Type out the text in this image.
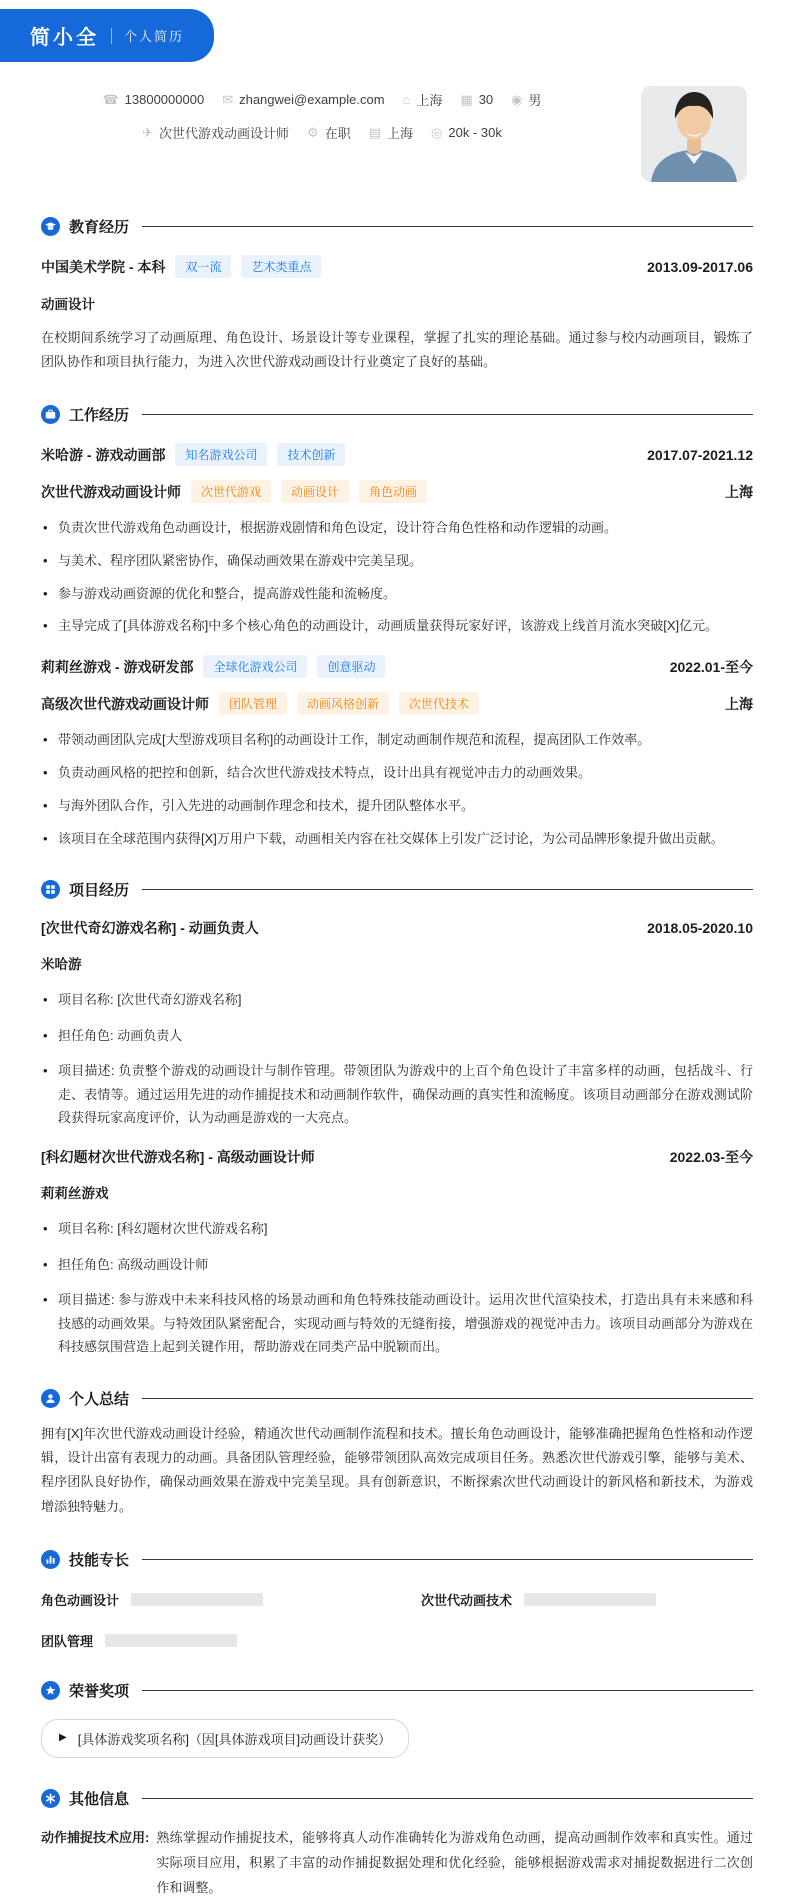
简小全 个人简历
☎ 13800000000 ✉ zhangwei@example.com ⌂ 上海 ▦ 30 ◉ 男
✈ 次世代游戏动画设计师 ⚙ 在职 ▤ 上海 ◎ 20k - 30k
教育经历
中国美术学院 - 本科	双一流	艺术类重点	2013.09-2017.06
动画设计

在校期间系统学习了动画原理、角色设计、场景设计等专业课程，掌握了扎实的理论基础。通过参与校内动画项目，锻炼了团队协作和项目执行能力，为进入次世代游戏动画设计行业奠定了良好的基础。

工作经历
米哈游 - 游戏动画部	知名游戏公司	技术创新	2017.07-2021.12
次世代游戏动画设计师	次世代游戏	动画设计	角色动画	上海
• 负责次世代游戏角色动画设计，根据游戏剧情和角色设定，设计符合角色性格和动作逻辑的动画。
• 与美术、程序团队紧密协作，确保动画效果在游戏中完美呈现。
• 参与游戏动画资源的优化和整合，提高游戏性能和流畅度。
• 主导完成了[具体游戏名称]中多个核心角色的动画设计，动画质量获得玩家好评，该游戏上线首月流水突破[X]亿元。
莉莉丝游戏 - 游戏研发部	全球化游戏公司	创意驱动	2022.01-至今
高级次世代游戏动画设计师	团队管理	动画风格创新	次世代技术	上海
• 带领动画团队完成[大型游戏项目名称]的动画设计工作，制定动画制作规范和流程，提高团队工作效率。
• 负责动画风格的把控和创新，结合次世代游戏技术特点，设计出具有视觉冲击力的动画效果。
• 与海外团队合作，引入先进的动画制作理念和技术，提升团队整体水平。
• 该项目在全球范围内获得[X]万用户下载，动画相关内容在社交媒体上引发广泛讨论，为公司品牌形象提升做出贡献。
项目经历
[次世代奇幻游戏名称] - 动画负责人	2018.05-2020.10
米哈游
• 项目名称: [次世代奇幻游戏名称]
• 担任角色: 动画负责人
• 项目描述: 负责整个游戏的动画设计与制作管理。带领团队为游戏中的上百个角色设计了丰富多样的动画，包括战斗、行走、表情等。通过运用先进的动作捕捉技术和动画制作软件，确保动画的真实性和流畅度。该项目动画部分在游戏测试阶段获得玩家高度评价，认为动画是游戏的一大亮点。
[科幻题材次世代游戏名称] - 高级动画设计师	2022.03-至今
莉莉丝游戏
• 项目名称: [科幻题材次世代游戏名称]
• 担任角色: 高级动画设计师
• 项目描述: 参与游戏中未来科技风格的场景动画和角色特殊技能动画设计。运用次世代渲染技术，打造出具有未来感和科技感的动画效果。与特效团队紧密配合，实现动画与特效的无缝衔接，增强游戏的视觉冲击力。该项目动画部分为游戏在科技感氛围营造上起到关键作用，帮助游戏在同类产品中脱颖而出。
个人总结

拥有[X]年次世代游戏动画设计经验，精通次世代动画制作流程和技术。擅长角色动画设计，能够准确把握角色性格和动作逻辑，设计出富有表现力的动画。具备团队管理经验，能够带领团队高效完成项目任务。熟悉次世代游戏引擎，能够与美术、程序团队良好协作，确保动画效果在游戏中完美呈现。具有创新意识，不断探索次世代动画设计的新风格和新技术，为游戏增添独特魅力。

技能专长
角色动画设计	次世代动画技术
团队管理
荣誉奖项
▶ [具体游戏奖项名称]（因[具体游戏项目]动画设计获奖）
其他信息
动作捕捉技术应用: 熟练掌握动作捕捉技术，能够将真人动作准确转化为游戏角色动画，提高动画制作效率和真实性。通过实际项目应用，积累了丰富的动作捕捉数据处理和优化经验，能够根据游戏需求对捕捉数据进行二次创作和调整。
